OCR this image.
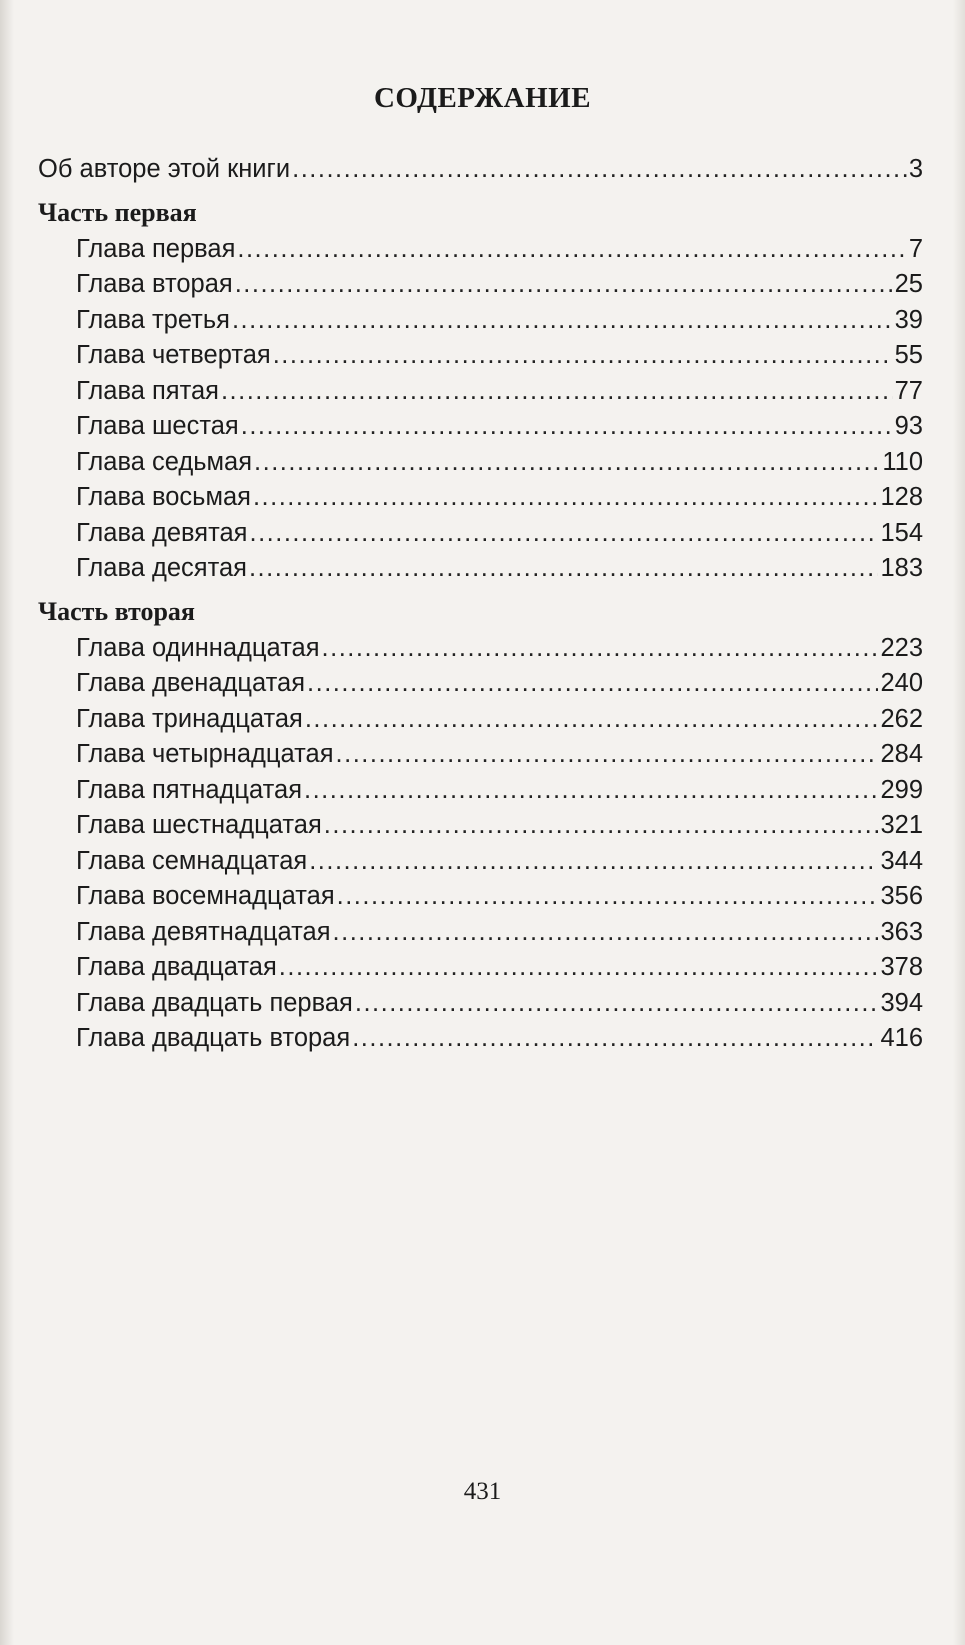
СОДЕРЖАНИЕ
Об авторе этой книги .....	3
Часть первая
Глава первая .....	7
Глава вторая .....	25
Глава третья .....	39
Глава четвертая .....	55
Глава пятая .....	77
Глава шестая .....	93
Глава седьмая .....	110
Глава восьмая .....	128
Глава девятая .....	154
Глава десятая .....	183
Часть вторая
Глава одиннадцатая .....	223
Глава двенадцатая .....	240
Глава тринадцатая .....	262
Глава четырнадцатая .....	284
Глава пятнадцатая .....	299
Глава шестнадцатая .....	321
Глава семнадцатая .....	344
Глава восемнадцатая .....	356
Глава девятнадцатая .....	363
Глава двадцатая .....	378
Глава двадцать первая .....	394
Глава двадцать вторая .....	416
431
